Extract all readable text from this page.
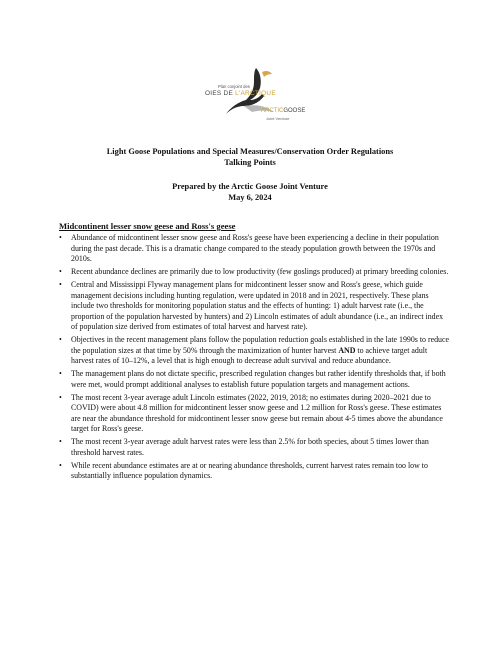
Plan conjoint des
OIES DE L'ARCTIQUE
ARCTICGOOSE
Joint Venture
Light Goose Populations and Special Measures/Conservation Order Regulations
Talking Points
Prepared by the Arctic Goose Joint Venture
May 6, 2024
Midcontinent lesser snow geese and Ross's geese
• Abundance of midcontinent lesser snow geese and Ross's geese have been experiencing a decline in their population during the past decade. This is a dramatic change compared to the steady population growth between the 1970s and 2010s.
• Recent abundance declines are primarily due to low productivity (few goslings produced) at primary breeding colonies.
• Central and Mississippi Flyway management plans for midcontinent lesser snow and Ross's geese, which guide management decisions including hunting regulation, were updated in 2018 and in 2021, respectively. These plans include two thresholds for monitoring population status and the effects of hunting: 1) adult harvest rate (i.e., the proportion of the population harvested by hunters) and 2) Lincoln estimates of adult abundance (i.e., an indirect index of population size derived from estimates of total harvest and harvest rate).
• Objectives in the recent management plans follow the population reduction goals established in the late 1990s to reduce the population sizes at that time by 50% through the maximization of hunter harvest AND to achieve target adult harvest rates of 10–12%, a level that is high enough to decrease adult survival and reduce abundance.
• The management plans do not dictate specific, prescribed regulation changes but rather identify thresholds that, if both were met, would prompt additional analyses to establish future population targets and management actions.
• The most recent 3-year average adult Lincoln estimates (2022, 2019, 2018; no estimates during 2020–2021 due to COVID) were about 4.8 million for midcontinent lesser snow geese and 1.2 million for Ross's geese. These estimates are near the abundance threshold for midcontinent lesser snow geese but remain about 4-5 times above the abundance target for Ross's geese.
• The most recent 3-year average adult harvest rates were less than 2.5% for both species, about 5 times lower than threshold harvest rates.
• While recent abundance estimates are at or nearing abundance thresholds, current harvest rates remain too low to substantially influence population dynamics.
